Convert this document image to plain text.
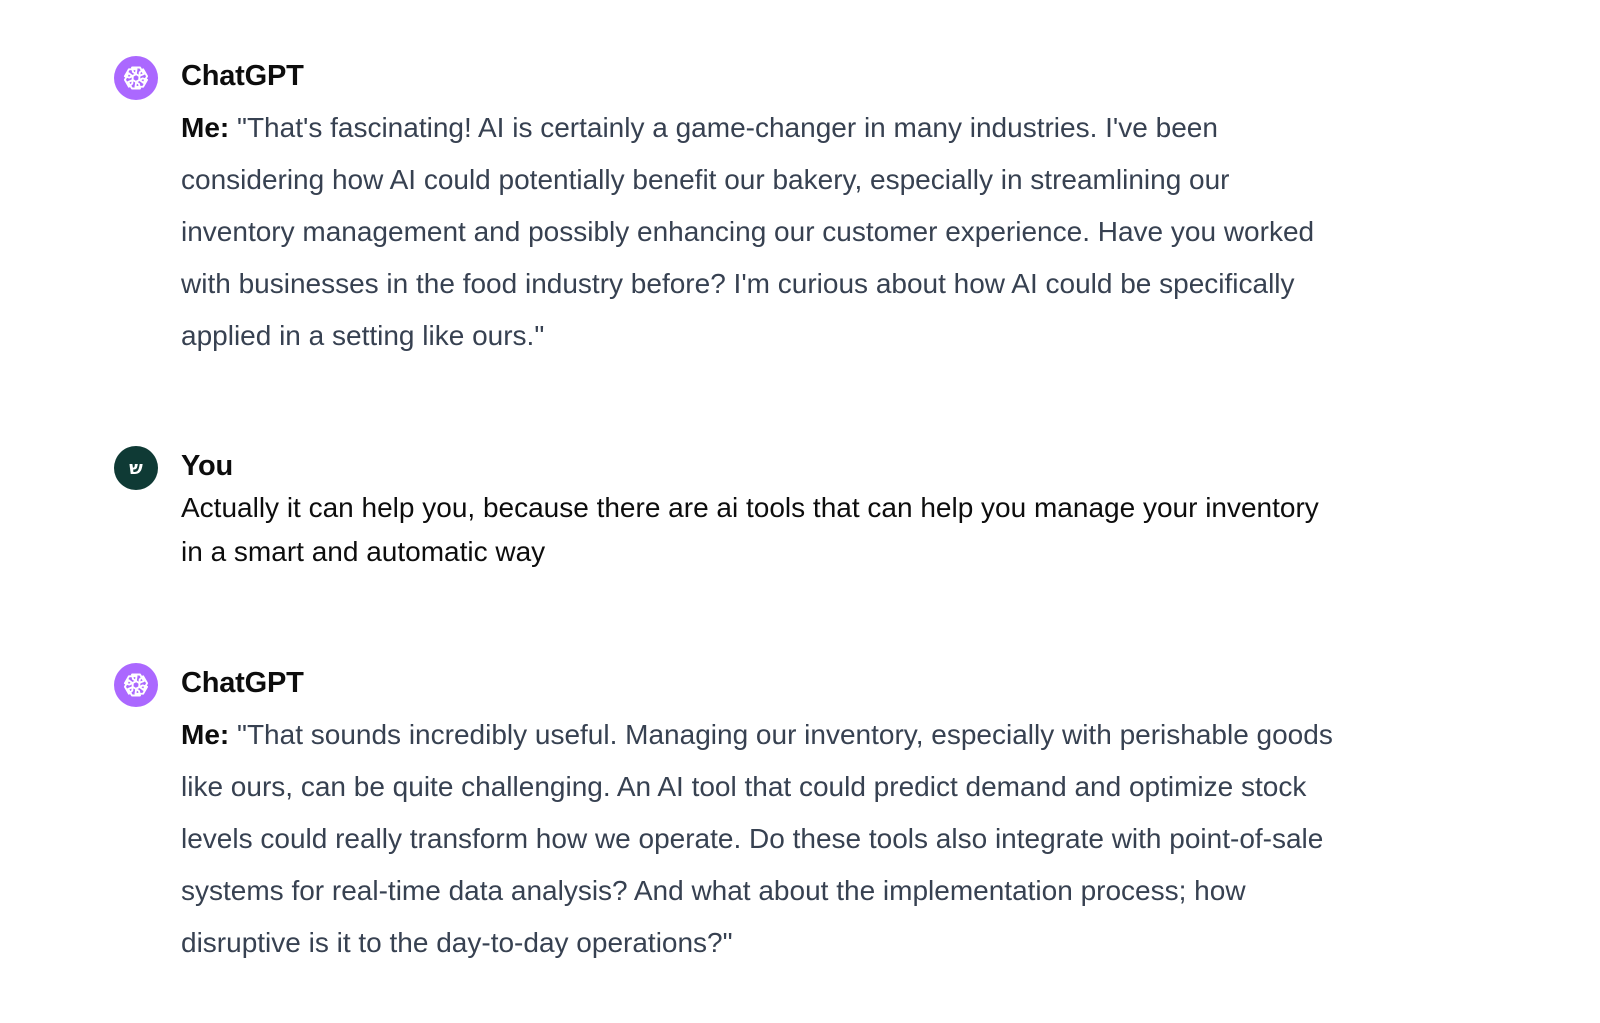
ChatGPT
Me: "That's fascinating! AI is certainly a game-changer in many industries. I've been considering how AI could potentially benefit our bakery, especially in streamlining our inventory management and possibly enhancing our customer experience. Have you worked with businesses in the food industry before? I'm curious about how AI could be specifically applied in a setting like ours."
ש You
Actually it can help you, because there are ai tools that can help you manage your inventory in a smart and automatic way
ChatGPT
Me: "That sounds incredibly useful. Managing our inventory, especially with perishable goods like ours, can be quite challenging. An AI tool that could predict demand and optimize stock levels could really transform how we operate. Do these tools also integrate with point-of-sale systems for real-time data analysis? And what about the implementation process; how disruptive is it to the day-to-day operations?"
